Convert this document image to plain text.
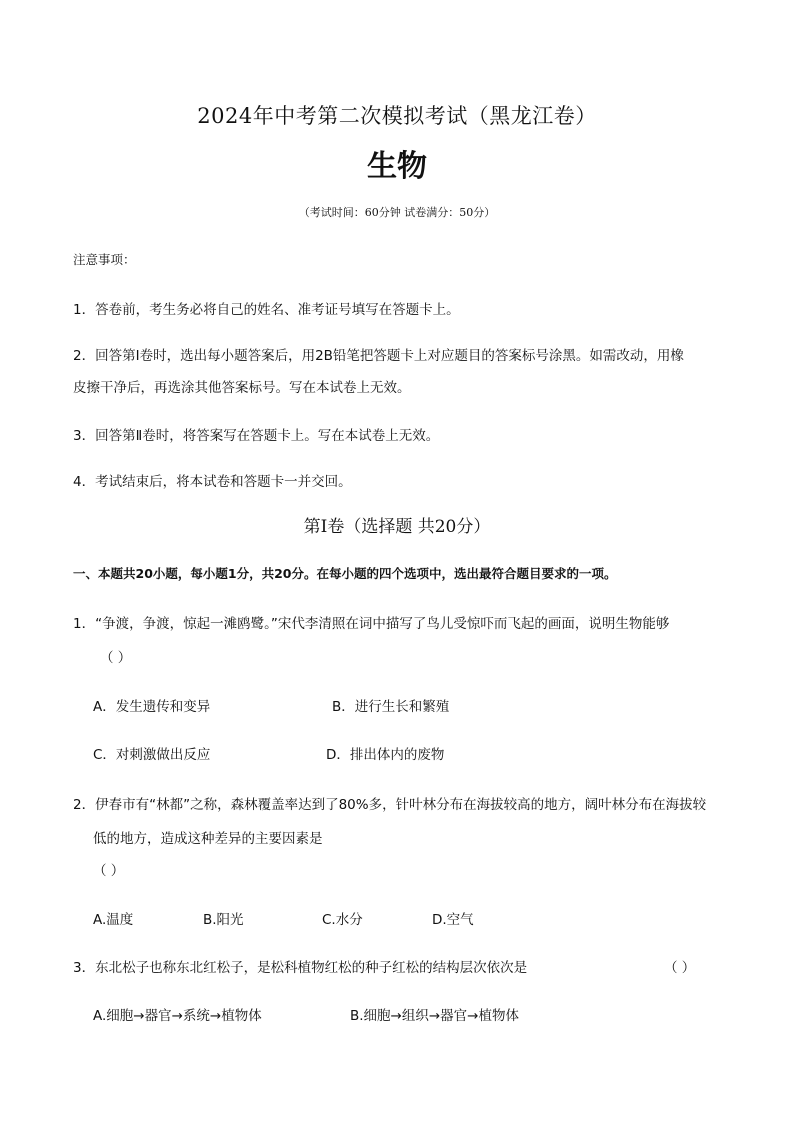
2024年中考第二次模拟考试（黑龙江卷）
生物
（考试时间：60分钟 试卷满分：50分）
注意事项：
1．答卷前，考生务必将自己的姓名、准考证号填写在答题卡上。
2．回答第Ⅰ卷时，选出每小题答案后，用2B铅笔把答题卡上对应题目的答案标号涂黑。如需改动，用橡
皮擦干净后，再选涂其他答案标号。写在本试卷上无效。
3．回答第Ⅱ卷时，将答案写在答题卡上。写在本试卷上无效。
4．考试结束后，将本试卷和答题卡一并交回。
第Ⅰ卷（选择题 共20分）
一、本题共20小题，每小题1分，共20分。在每小题的四个选项中，选出最符合题目要求的一项。
1．“争渡，争渡，惊起一滩鸥鹭。”宋代李清照在词中描写了鸟儿受惊吓而飞起的画面，说明生物能够
（ ）
A．发生遗传和变异	B．进行生长和繁殖
C．对刺激做出反应	D．排出体内的废物
2．伊春市有“林都”之称，森林覆盖率达到了80%多，针叶林分布在海拔较高的地方，阔叶林分布在海拔较
低的地方，造成这种差异的主要因素是
（ ）
A.温度	B.阳光	C.水分	D.空气
3．东北松子也称东北红松子，是松科植物红松的种子红松的结构层次依次是	（ ）
A.细胞→器官→系统→植物体	B.细胞→组织→器官→植物体
